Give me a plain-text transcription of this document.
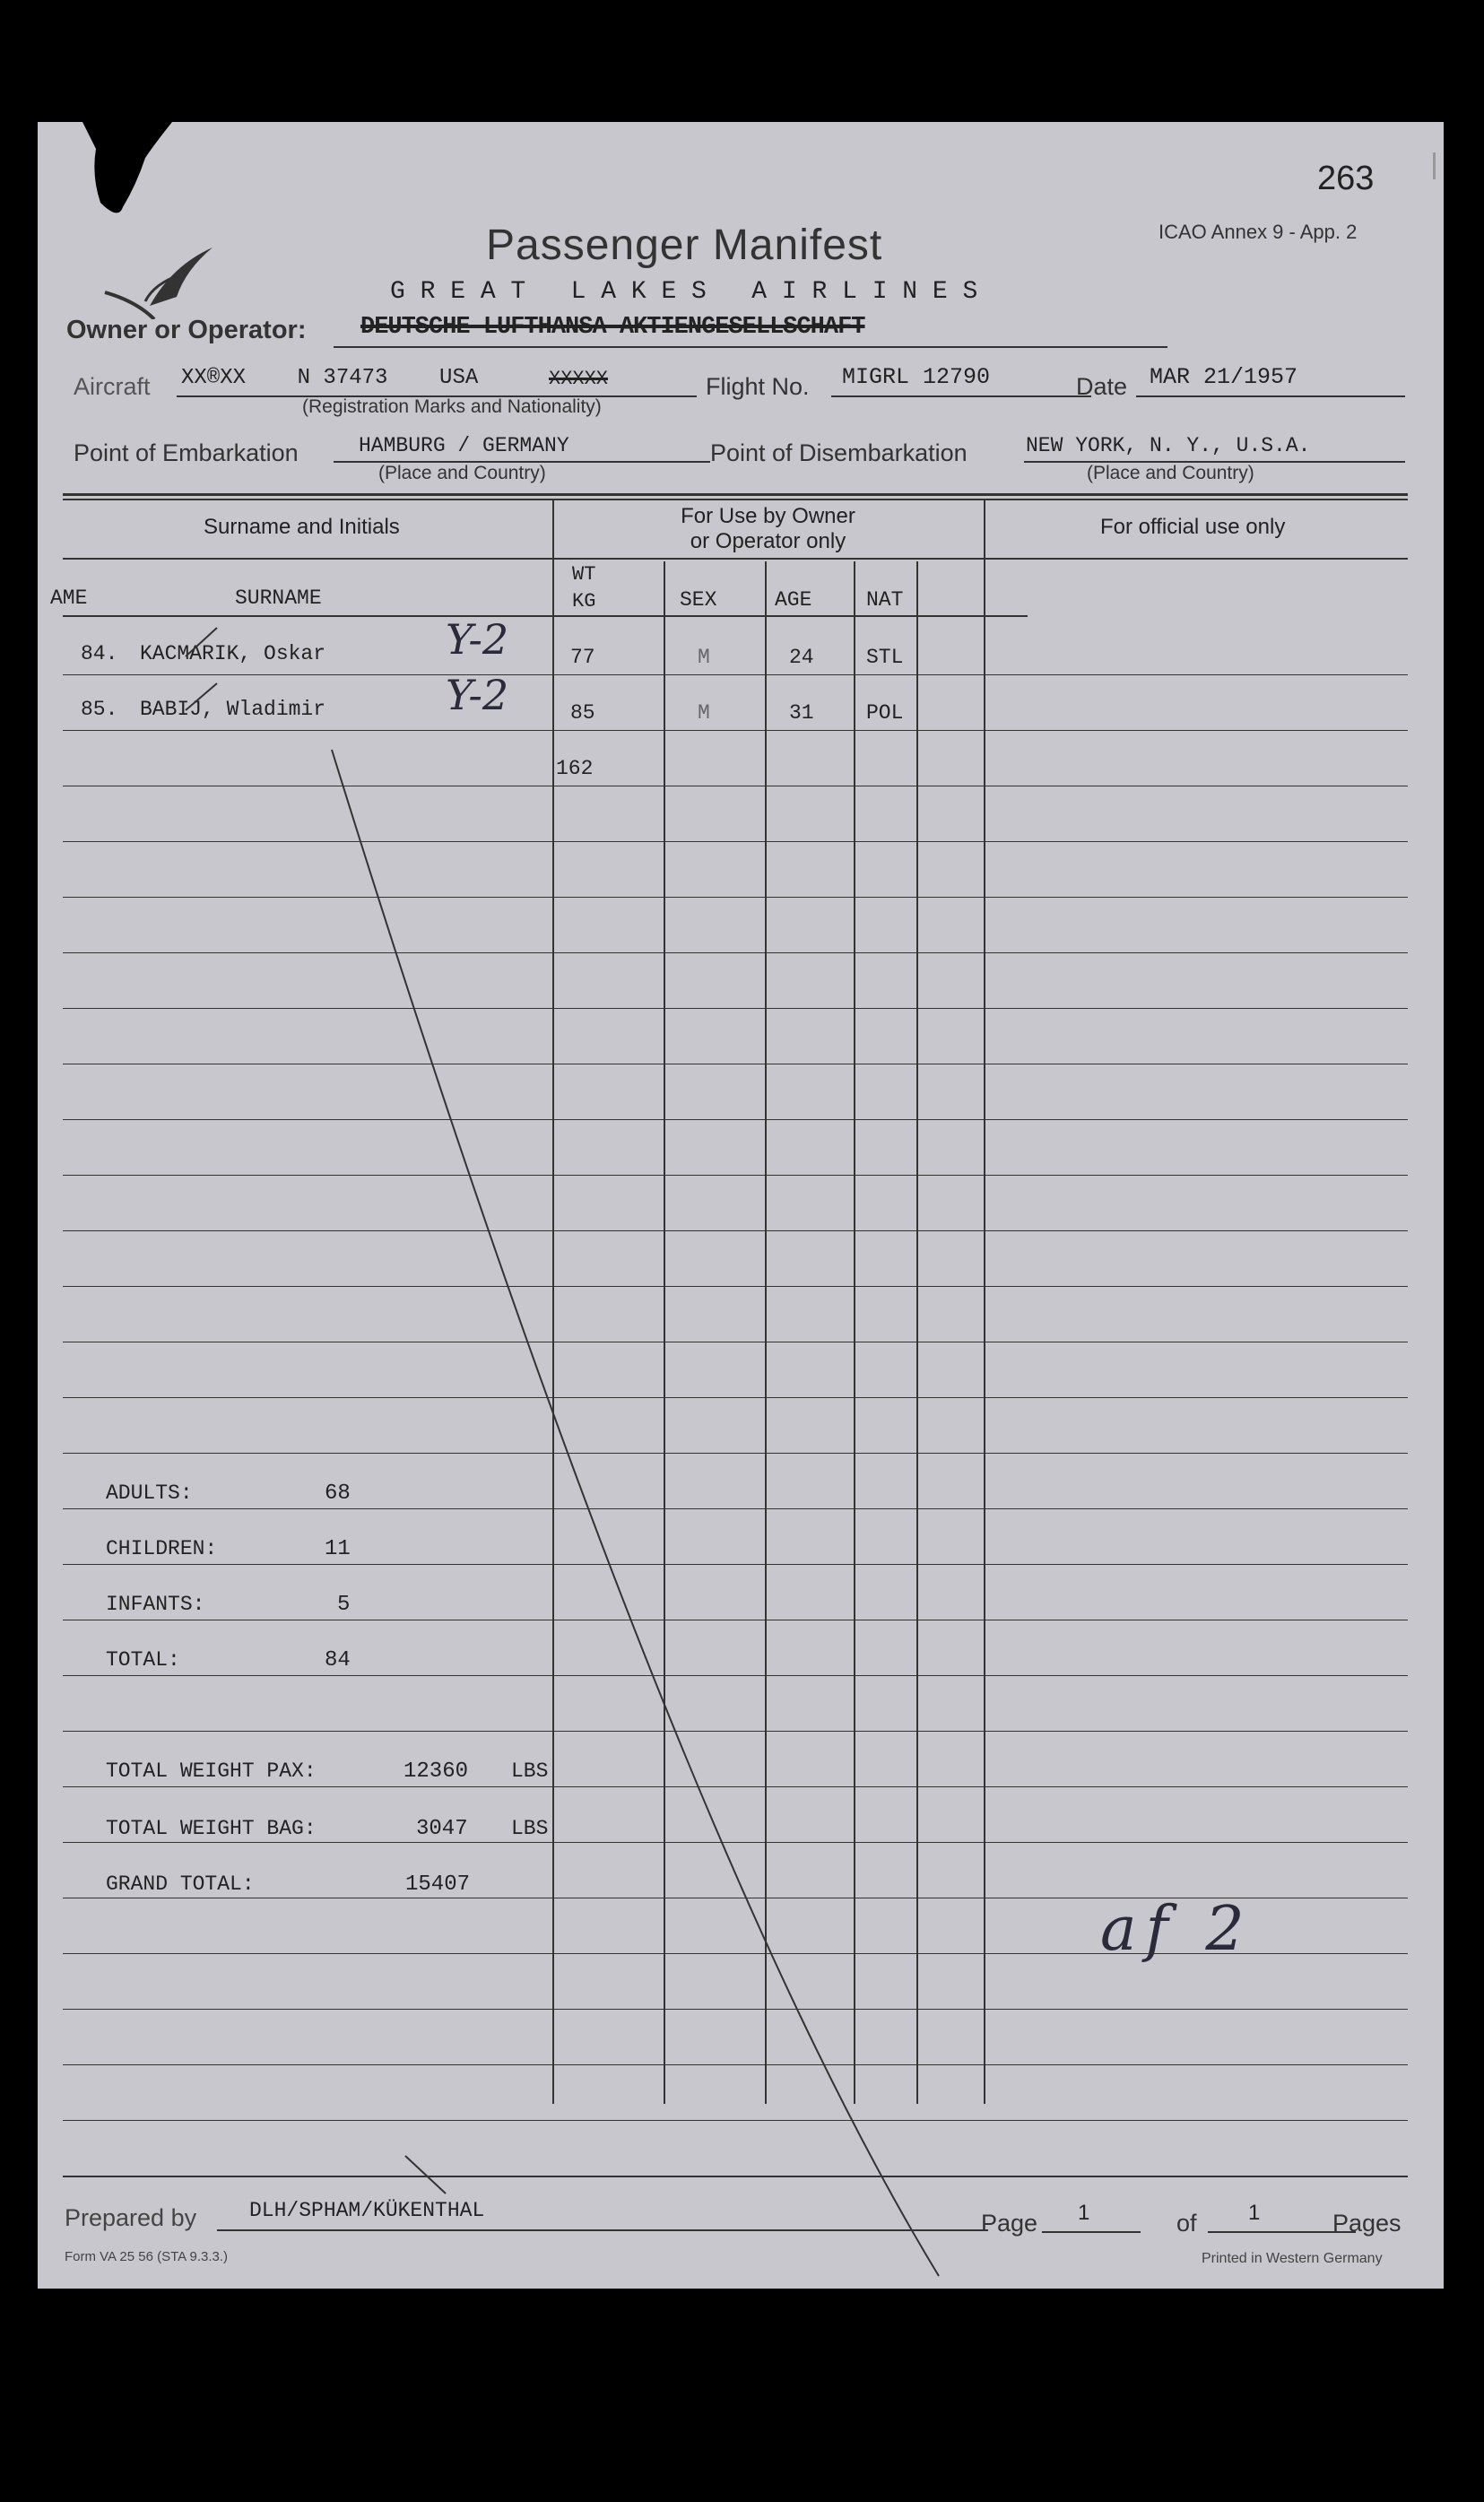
263
ICAO Annex 9 - App. 2
Passenger Manifest
G R E A T   L A K E S   A I R L I N E S
Owner or Operator: DEUTSCHE LUFTHANSA AKTIENGESELLSCHAFT
Aircraft XX®XX    N 37473    USA	XXXXX
(Registration Marks and Nationality)
Flight No. MIGRL 12790	Date MAR 21/1957
Point of Embarkation	HAMBURG / GERMANY
(Place and Country)
Point of Disembarkation	NEW YORK, N. Y., U.S.A.
(Place and Country)
Surname and Initials	For Use by Owner
or Operator only
For official use only
AME	SURNAME
WT
KG	SEX	AGE	NAT
84. KACMARIK, Oskar	Y-2	77	M	24	STL
85. BABIJ, Wladimir	Y-2	85	M	31	POL
162
ADULTS:	68
CHILDREN:	11
INFANTS:	5
TOTAL:	84
TOTAL WEIGHT PAX:	12360 LBS
TOTAL WEIGHT BAG:	3047 LBS
GRAND TOTAL:	15407
af 2
Prepared by	DLH/SPHAM/KÜKENTHAL	Page 1	of 1	Pages
Form VA 25 56 (STA 9.3.3.)	Printed in Western Germany
